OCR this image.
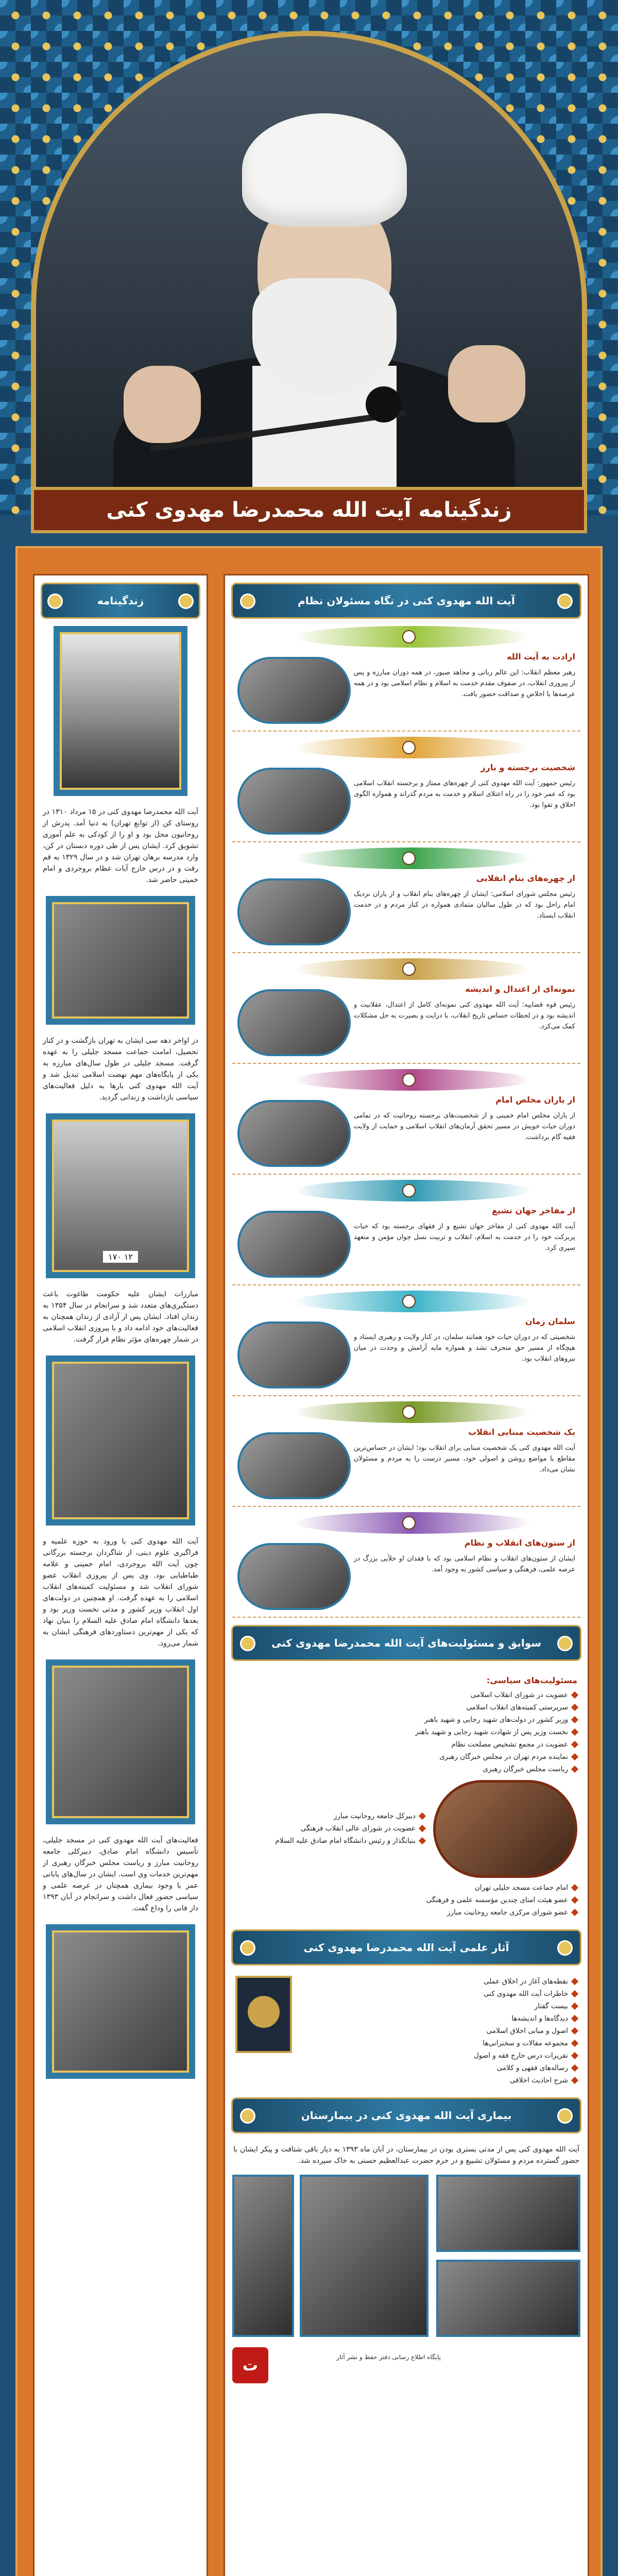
زندگینامه آیت الله محمدرضا مهدوی کنی
زندگینامه

آیت الله محمدرضا مهدوی کنی در ۱۵ مرداد ۱۳۱۰ در روستای کن (از توابع تهران) به دنیا آمد. پدرش از روحانیون محل بود و او را از کودکی به علم آموزی تشویق کرد. ایشان پس از طی دوره دبستان در کن، وارد مدرسه برهان تهران شد و در سال ۱۳۲۹ به قم رفت و در درس خارج آیات عظام بروجردی و امام خمینی حاضر شد.

در اواخر دهه سی ایشان به تهران بازگشت و در کنار تحصیل، امامت جماعت مسجد جلیلی را به عهده گرفت. مسجد جلیلی در طول سال‌های مبارزه به یکی از پایگاه‌های مهم نهضت اسلامی تبدیل شد و آیت الله مهدوی کنی بارها به دلیل فعالیت‌های سیاسی بازداشت و زندانی گردید.

۱۷۰ ۱۲

مبارزات ایشان علیه حکومت طاغوت باعث دستگیری‌های متعدد شد و سرانجام در سال ۱۳۵۴ به زندان افتاد. ایشان پس از آزادی از زندان همچنان به فعالیت‌های خود ادامه داد و با پیروزی انقلاب اسلامی در شمار چهره‌های مؤثر نظام قرار گرفت.

آیت الله مهدوی کنی با ورود به حوزه علمیه و فراگیری علوم دینی، از شاگردان برجسته بزرگانی چون آیت الله بروجردی، امام خمینی و علامه طباطبایی بود. وی پس از پیروزی انقلاب عضو شورای انقلاب شد و مسئولیت کمیته‌های انقلاب اسلامی را به عهده گرفت. او همچنین در دولت‌های اول انقلاب وزیر کشور و مدتی نخست وزیر بود و بعدها دانشگاه امام صادق علیه السلام را بنیان نهاد که یکی از مهم‌ترین دستاوردهای فرهنگی ایشان به شمار می‌رود.

فعالیت‌های آیت الله مهدوی کنی در مسجد جلیلی، تأسیس دانشگاه امام صادق، دبیرکلی جامعه روحانیت مبارز و ریاست مجلس خبرگان رهبری از مهم‌ترین خدمات وی است. ایشان در سال‌های پایانی عمر با وجود بیماری همچنان در عرصه علمی و سیاسی حضور فعال داشت و سرانجام در آبان ۱۳۹۳ دار فانی را وداع گفت.

آیت الله مهدوی کنی در نگاه مسئولان نظام
ارادت به آیت الله
رهبر معظم انقلاب: این عالم ربانی و مجاهد صبور، در همه دوران مبارزه و پس از پیروزی انقلاب، در صفوف مقدم خدمت به اسلام و نظام اسلامی بود و در همه عرصه‌ها با اخلاص و صداقت حضور یافت.
شخصیت برجسته و بارز
رئیس جمهور: آیت الله مهدوی کنی از چهره‌های ممتاز و برجسته انقلاب اسلامی بود که عمر خود را در راه اعتلای اسلام و خدمت به مردم گذراند و همواره الگوی اخلاق و تقوا بود.
از چهره‌های بنام انقلابی
رئیس مجلس شورای اسلامی: ایشان از چهره‌های بنام انقلاب و از یاران نزدیک امام راحل بود که در طول سالیان متمادی همواره در کنار مردم و در خدمت انقلاب ایستاد.
نمونه‌ای از اعتدال و اندیشه
رئیس قوه قضاییه: آیت الله مهدوی کنی نمونه‌ای کامل از اعتدال، عقلانیت و اندیشه بود و در لحظات حساس تاریخ انقلاب، با درایت و بصیرت به حل مشکلات کمک می‌کرد.
از یاران مخلص امام
از یاران مخلص امام خمینی و از شخصیت‌های برجسته روحانیت که در تمامی دوران حیات خویش در مسیر تحقق آرمان‌های انقلاب اسلامی و حمایت از ولایت فقیه گام برداشت.
از مفاخر جهان تشیع
آیت الله مهدوی کنی از مفاخر جهان تشیع و از فقهای برجسته بود که حیات پربرکت خود را در خدمت به اسلام، انقلاب و تربیت نسل جوان مؤمن و متعهد سپری کرد.
سلمان زمان
شخصیتی که در دوران حیات خود همانند سلمان، در کنار ولایت و رهبری ایستاد و هیچگاه از مسیر حق منحرف نشد و همواره مایه آرامش و وحدت در میان نیروهای انقلاب بود.
یک شخصیت مبنایی انقلاب
آیت الله مهدوی کنی یک شخصیت مبنایی برای انقلاب بود؛ ایشان در حساس‌ترین مقاطع با مواضع روشن و اصولی خود، مسیر درست را به مردم و مسئولان نشان می‌داد.
از ستون‌های انقلاب و نظام
ایشان از ستون‌های انقلاب و نظام اسلامی بود که با فقدان او خلأیی بزرگ در عرصه علمی، فرهنگی و سیاسی کشور به وجود آمد.
سوابق و مسئولیت‌های آیت الله محمدرضا مهدوی کنی
مسئولیت‌های سیاسی:
عضویت در شورای انقلاب اسلامی
سرپرستی کمیته‌های انقلاب اسلامی
وزیر کشور در دولت‌های شهید رجایی و شهید باهنر
نخست وزیر پس از شهادت شهید رجایی و شهید باهنر
عضویت در مجمع تشخیص مصلحت نظام
نماینده مردم تهران در مجلس خبرگان رهبری
ریاست مجلس خبرگان رهبری
دبیرکل جامعه روحانیت مبارز
عضویت در شورای عالی انقلاب فرهنگی
بنیانگذار و رئیس دانشگاه امام صادق علیه السلام
امام جماعت مسجد جلیلی تهران
عضو هیئت امنای چندین مؤسسه علمی و فرهنگی
عضو شورای مرکزی جامعه روحانیت مبارز
آثار علمی آیت الله محمدرضا مهدوی کنی
نقطه‌های آغاز در اخلاق عملی
خاطرات آیت الله مهدوی کنی
بیست گفتار
دیدگاه‌ها و اندیشه‌ها
اصول و مبانی اخلاق اسلامی
مجموعه مقالات و سخنرانی‌ها
تقریرات درس خارج فقه و اصول
رساله‌های فقهی و کلامی
شرح احادیث اخلاقی
بیماری آیت الله مهدوی کنی در بیمارستان

آیت الله مهدوی کنی پس از مدتی بستری بودن در بیمارستان، در آبان ماه ۱۳۹۳ به دیار باقی شتافت و پیکر ایشان با حضور گسترده مردم و مسئولان تشییع و در حرم حضرت عبدالعظیم حسنی به خاک سپرده شد.

ت	پایگاه اطلاع رسانی دفتر حفظ و نشر آثار
